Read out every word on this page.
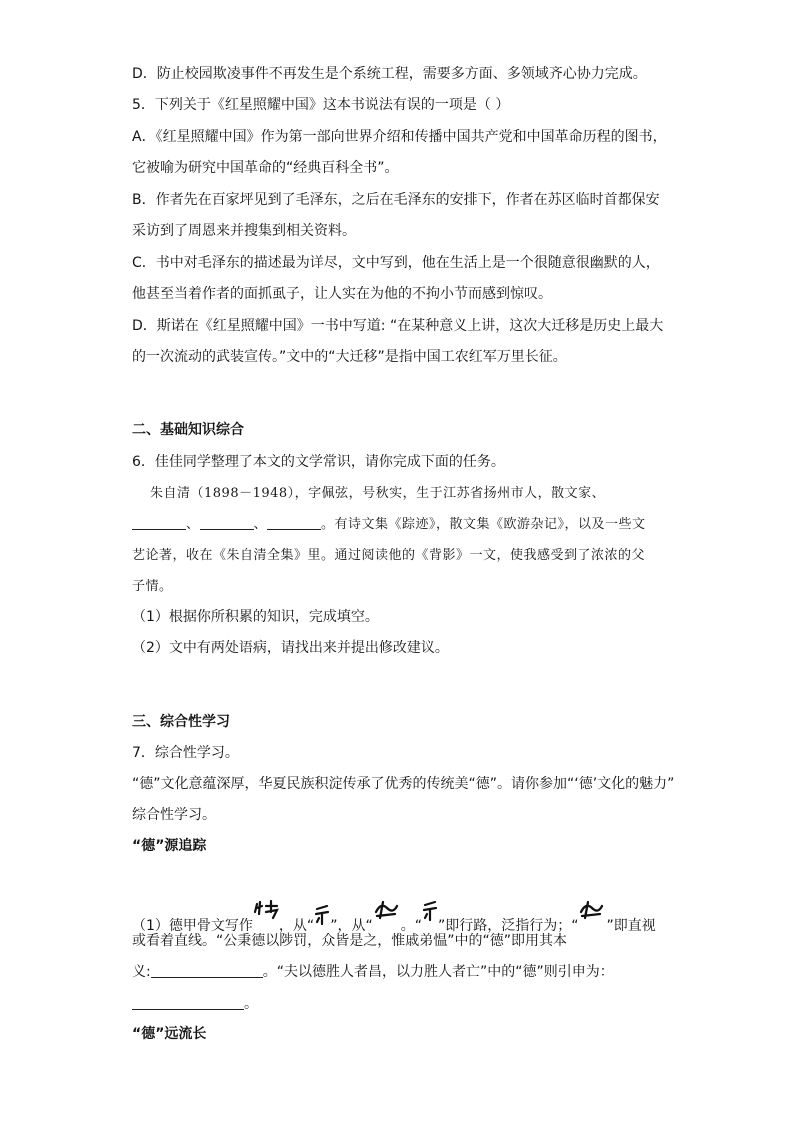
D．防止校园欺凌事件不再发生是个系统工程，需要多方面、多领域齐心协力完成。
5．下列关于《红星照耀中国》这本书说法有误的一项是（ ）
A．《红星照耀中国》作为第一部向世界介绍和传播中国共产党和中国革命历程的图书，
它被喻为研究中国革命的“经典百科全书”。
B．作者先在百家坪见到了毛泽东，之后在毛泽东的安排下，作者在苏区临时首都保安
采访到了周恩来并搜集到相关资料。
C．书中对毛泽东的描述最为详尽，文中写到，他在生活上是一个很随意很幽默的人，
他甚至当着作者的面抓虱子，让人实在为他的不拘小节而感到惊叹。
D．斯诺在《红星照耀中国》一书中写道: “在某种意义上讲，这次大迁移是历史上最大
的一次流动的武装宣传。”文中的“大迁移”是指中国工农红军万里长征。
二、基础知识综合
6．佳佳同学整理了本文的文学常识，请你完成下面的任务。
朱自清（1898－1948），字佩弦，号秋实，生于江苏省扬州市人，散文家、
、	、	。有诗文集《踪迹》，散文集《欧游杂记》，以及一些文
艺论著，收在《朱自清全集》里。通过阅读他的《背影》一文，使我感受到了浓浓的父
子情。
（1）根据你所积累的知识，完成填空。
（2）文中有两处语病，请找出来并提出修改建议。
三、综合性学习
7．综合性学习。
“德”文化意蕴深厚，华夏民族积淀传承了优秀的传统美“德”。请你参加“‘德’文化的魅力”
综合性学习。
“德”源追踪
（1）德甲骨文写作 ，从“ ”，从“ 。“ ”即行路，泛指行为；“ ”即直视
或看着直线。“公秉德以陟罚，众皆是之，惟戚弟愠”中的“德”即用其本
义:	。“夫以德胜人者昌，以力胜人者亡”中的“德”则引申为：
。
“德”远流长
